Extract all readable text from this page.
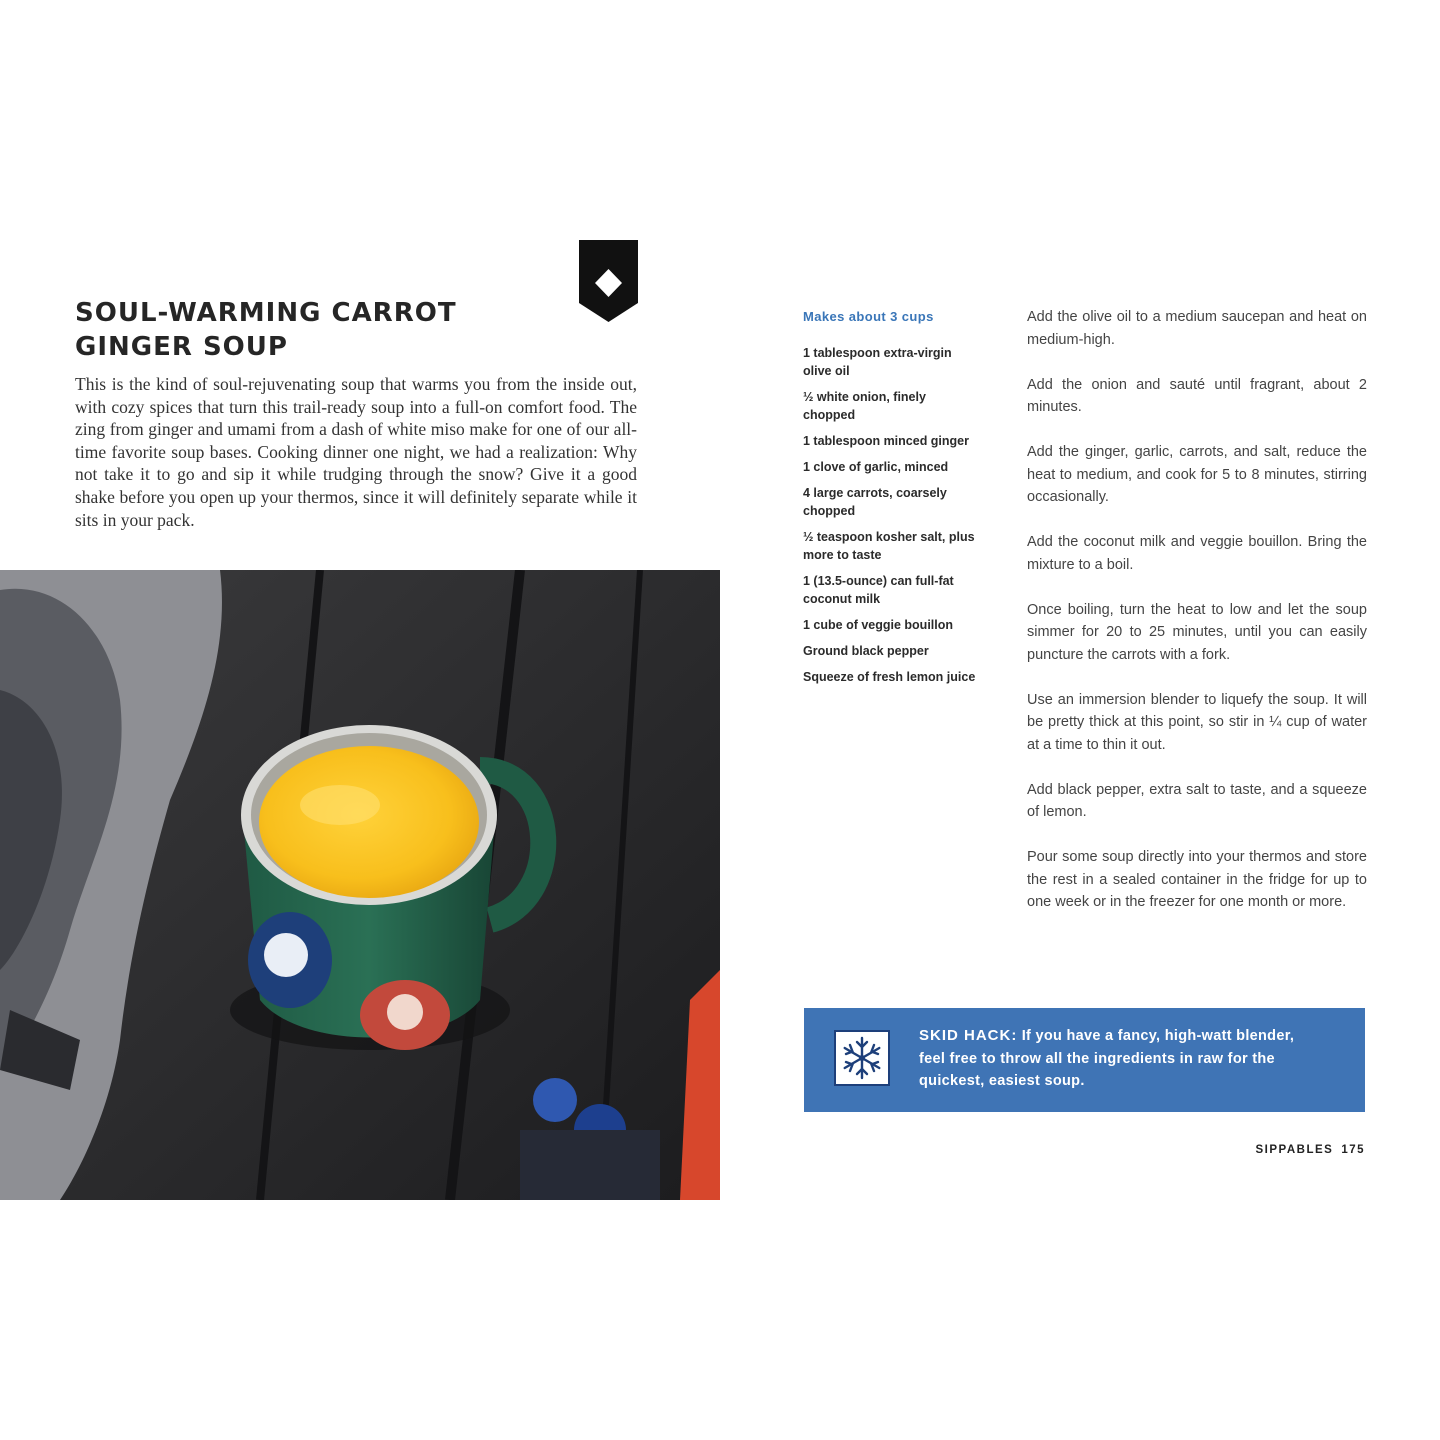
SOUL-WARMING CARROT
GINGER SOUP

This is the kind of soul-rejuvenating soup that warms you from the inside out, with cozy spices that turn this trail-ready soup into a full-on comfort food. The zing from ginger and umami from a dash of white miso make for one of our all-time favorite soup bases. Cooking dinner one night, we had a realization: Why not take it to go and sip it while trudging through the snow? Give it a good shake before you open up your thermos, since it will definitely separate while it sits in your pack.

Makes about 3 cups
1 tablespoon extra-virgin olive oil
½ white onion, finely chopped
1 tablespoon minced ginger
1 clove of garlic, minced
4 large carrots, coarsely chopped
½ teaspoon kosher salt, plus more to taste
1 (13.5-ounce) can full-fat coconut milk
1 cube of veggie bouillon
Ground black pepper
Squeeze of fresh lemon juice

Add the olive oil to a medium saucepan and heat on medium-high.

Add the onion and sauté until fragrant, about 2 minutes.

Add the ginger, garlic, carrots, and salt, reduce the heat to medium, and cook for 5 to 8 minutes, stirring occasionally.

Add the coconut milk and veggie bouillon. Bring the mixture to a boil.

Once boiling, turn the heat to low and let the soup simmer for 20 to 25 minutes, until you can easily puncture the carrots with a fork.

Use an immersion blender to liquefy the soup. It will be pretty thick at this point, so stir in ¼ cup of water at a time to thin it out.

Add black pepper, extra salt to taste, and a squeeze of lemon.

Pour some soup directly into your thermos and store the rest in a sealed container in the fridge for up to one week or in the freezer for one month or more.

SKID HACK: If you have a fancy, high-watt blender, feel free to throw all the ingredients in raw for the quickest, easiest soup.

SIPPABLES 175
